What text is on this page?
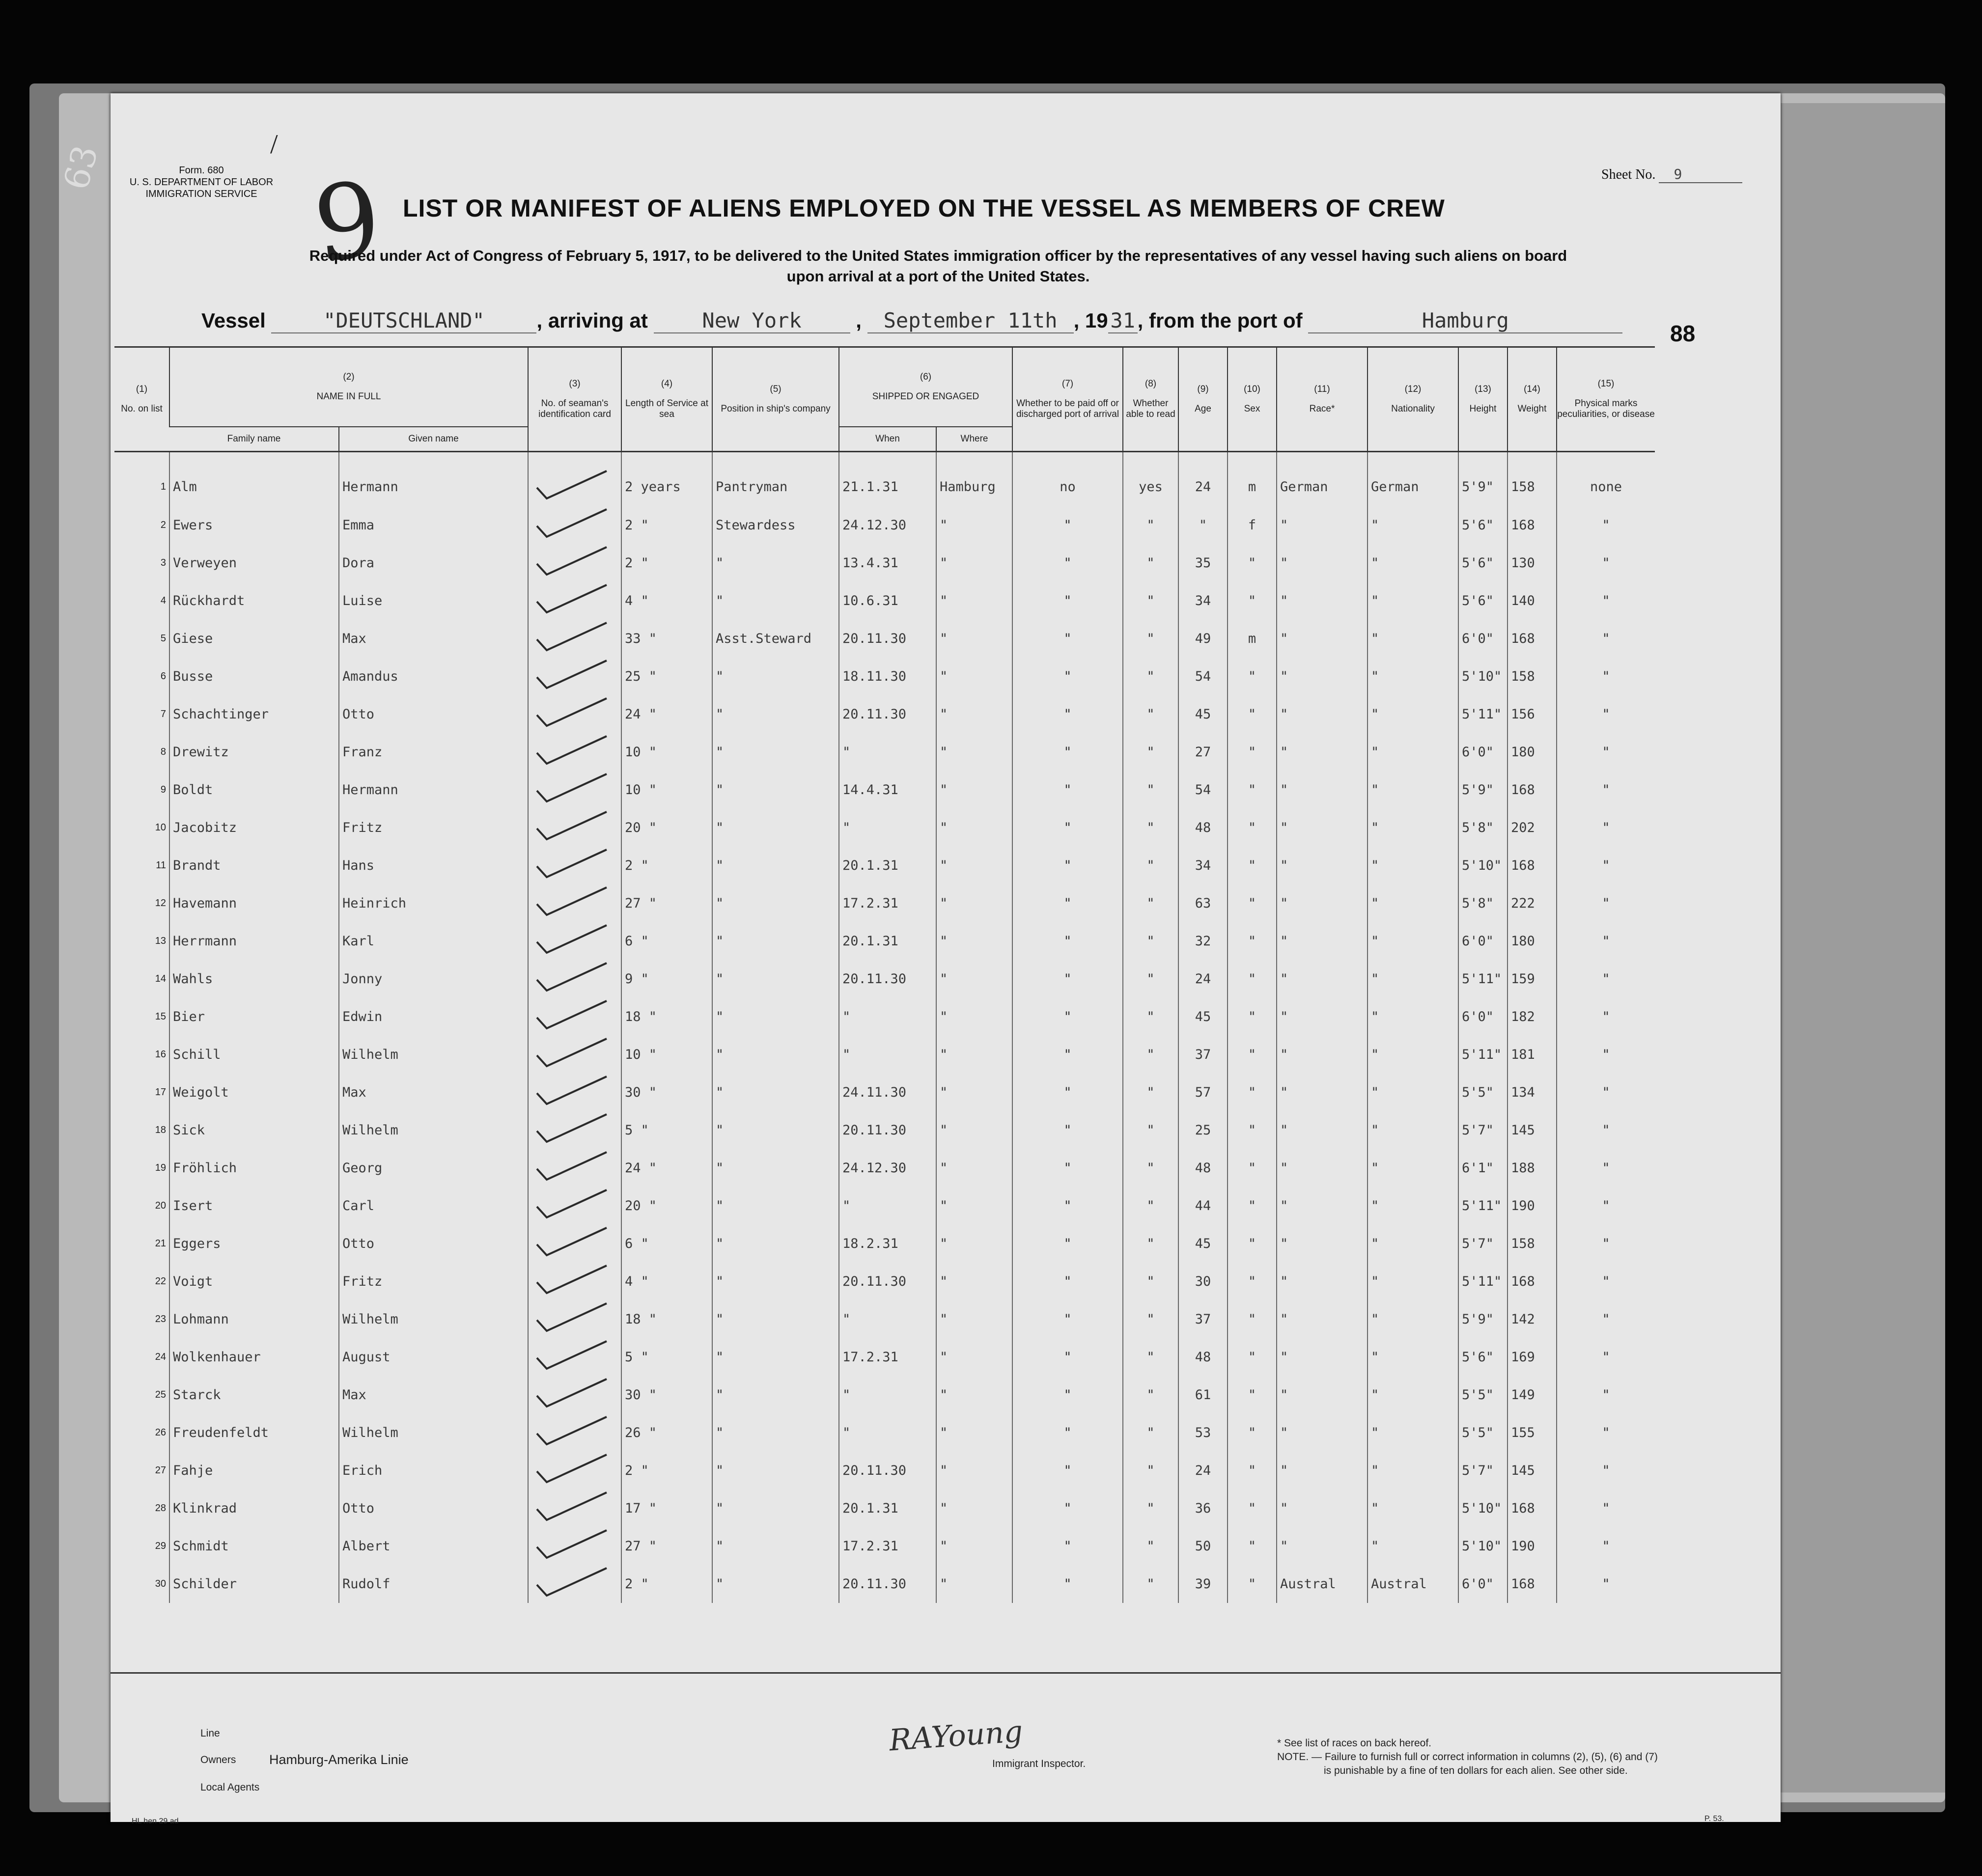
63	Form. 680
U. S. DEPARTMENT OF LABOR
IMMIGRATION SERVICE
/
9 LIST OR MANIFEST OF ALIENS EMPLOYED ON THE VESSEL AS MEMBERS OF CREW
Required under Act of Congress of February 5, 1917, to be delivered to the United States immigration officer by the representatives of any vessel having such aliens on board
upon arrival at a port of the United States.
Sheet No. 9
Vessel	"DEUTSCHLAND"	, arriving at	New York , September 11th , 19 31 , from the port of	Hamburg
88
(1)
No. on list	(2)
NAME IN FULL		(3)
No. of seaman's identification card	(4)
Length of Service at sea	(5)
Position in ship's company	(6)
SHIPPED OR ENGAGED		(7)
Whether to be paid off or discharged port of arrival	(8)
Whether able to read	(9)
Age	(10)
Sex	(11)
Race*	(12)
Nationality	(13)
Height	(14)
Weight	(15)
Physical marks peculiarities, or disease
	Family name	Given name				When	Where									
1	Alm	Hermann		2 years	Pantryman	21.1.31	Hamburg	no	yes	24	m	German	German	5'9"	158	none
2	Ewers	Emma		2 "	Stewardess	24.12.30	"	"	"	"	f	"	"	5'6"	168	"
3	Verweyen	Dora		2 "	"	13.4.31	"	"	"	35	"	"	"	5'6"	130	"
4	Rückhardt	Luise		4 "	"	10.6.31	"	"	"	34	"	"	"	5'6"	140	"
5	Giese	Max		33 "	Asst.Steward	20.11.30	"	"	"	49	m	"	"	6'0"	168	"
6	Busse	Amandus		25 "	"	18.11.30	"	"	"	54	"	"	"	5'10"	158	"
7	Schachtinger	Otto		24 "	"	20.11.30	"	"	"	45	"	"	"	5'11"	156	"
8	Drewitz	Franz		10 "	"	"	"	"	"	27	"	"	"	6'0"	180	"
9	Boldt	Hermann		10 "	"	14.4.31	"	"	"	54	"	"	"	5'9"	168	"
10	Jacobitz	Fritz		20 "	"	"	"	"	"	48	"	"	"	5'8"	202	"
11	Brandt	Hans		2 "	"	20.1.31	"	"	"	34	"	"	"	5'10"	168	"
12	Havemann	Heinrich		27 "	"	17.2.31	"	"	"	63	"	"	"	5'8"	222	"
13	Herrmann	Karl		6 "	"	20.1.31	"	"	"	32	"	"	"	6'0"	180	"
14	Wahls	Jonny		9 "	"	20.11.30	"	"	"	24	"	"	"	5'11"	159	"
15	Bier	Edwin		18 "	"	"	"	"	"	45	"	"	"	6'0"	182	"
16	Schill	Wilhelm		10 "	"	"	"	"	"	37	"	"	"	5'11"	181	"
17	Weigolt	Max		30 "	"	24.11.30	"	"	"	57	"	"	"	5'5"	134	"
18	Sick	Wilhelm		5 "	"	20.11.30	"	"	"	25	"	"	"	5'7"	145	"
19	Fröhlich	Georg		24 "	"	24.12.30	"	"	"	48	"	"	"	6'1"	188	"
20	Isert	Carl		20 "	"	"	"	"	"	44	"	"	"	5'11"	190	"
21	Eggers	Otto		6 "	"	18.2.31	"	"	"	45	"	"	"	5'7"	158	"
22	Voigt	Fritz		4 "	"	20.11.30	"	"	"	30	"	"	"	5'11"	168	"
23	Lohmann	Wilhelm		18 "	"	"	"	"	"	37	"	"	"	5'9"	142	"
24	Wolkenhauer	August		5 "	"	17.2.31	"	"	"	48	"	"	"	5'6"	169	"
25	Starck	Max		30 "	"	"	"	"	"	61	"	"	"	5'5"	149	"
26	Freudenfeldt	Wilhelm		26 "	"	"	"	"	"	53	"	"	"	5'5"	155	"
27	Fahje	Erich		2 "	"	20.11.30	"	"	"	24	"	"	"	5'7"	145	"
28	Klinkrad	Otto		17 "	"	20.1.31	"	"	"	36	"	"	"	5'10"	168	"
29	Schmidt	Albert		27 "	"	17.2.31	"	"	"	50	"	"	"	5'10"	190	"
30	Schilder	Rudolf		2 "	"	20.11.30	"	"	"	39	"	Austral	Austral	6'0"	168	"
Line
Owners	Hamburg-Amerika Linie
Local Agents
RAYoung
Immigrant Inspector.
* See list of races on back hereof.
NOTE. — Failure to furnish full or correct information in columns (2), (5), (6) and (7)
is punishable by a fine of ten dollars for each alien. See other side.
HL hen 29 ad	P. 53.
